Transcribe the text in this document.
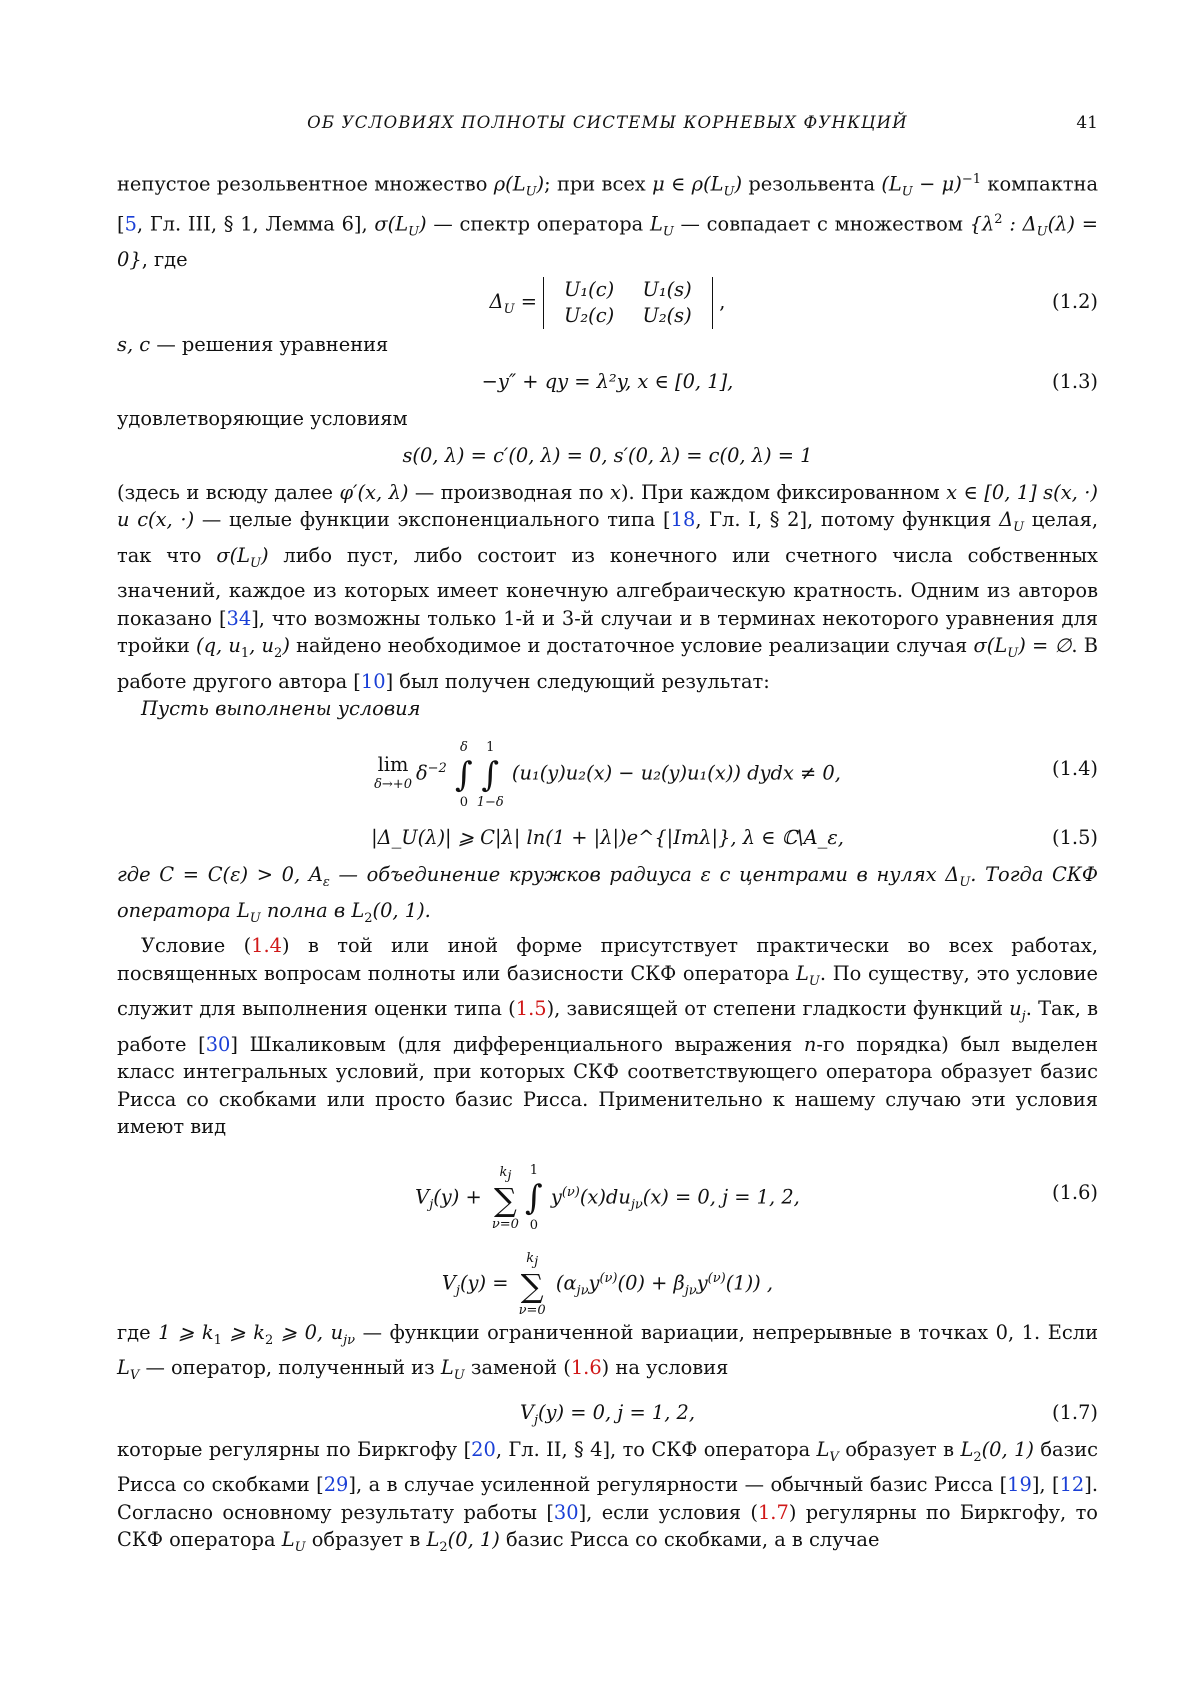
ОБ УСЛОВИЯХ ПОЛНОТЫ СИСТЕМЫ КОРНЕВЫХ ФУНКЦИЙ	41

непустое резольвентное множество $\rho(L_U)$; при всех μ ∈ $\rho(L_U)$ резольвента $(L_U - \mu)^{-1}$ компактна [5, Гл. III, § 1, Лемма 6], $\sigma(L_U)$ — спектр оператора $L_U$ — совпадает с множеством {$\lambda^2$ : $\Delta_U(\lambda) = 0$}, где

$\Delta_U$ =
U₁(c) U₁(s)
U₂(c) U₂(s)
,	(1.2)

s, c — решения уравнения

−y″ + qy = λ²y, x ∈ [0, 1],	(1.3)

удовлетворяющие условиям

s(0, λ) = c′(0, λ) = 0, s′(0, λ) = c(0, λ) = 1

(здесь и всюду далее φ′(x, λ) — производная по x). При каждом фиксированном x ∈ [0, 1] s(x, ·) и c(x, ·) — целые функции экспоненциального типа [18, Гл. I, § 2], потому функция $\Delta_U$ целая, так что $\sigma(L_U)$ либо пуст, либо состоит из конечного или счетного числа собственных значений, каждое из которых имеет конечную алгебраическую кратность. Одним из авторов показано [34], что возможны только 1-й и 3-й случаи и в терминах некоторого уравнения для тройки (q, $u_1$, $u_2$) найдено необходимое и достаточное условие реализации случая $\sigma(L_U)$ = ∅. В работе другого автора [10] был получен следующий результат:

Пусть выполнены условия

lim
δ→+0 $\delta^{-2}$
δ
∫
0
1
∫
1−δ
(u₁(y)u₂(x) − u₂(y)u₁(x)) dydx ≠ 0,	(1.4)
|Δ_U(λ)| ⩾ C|λ| ln(1 + |λ|)e^{|Imλ|}, λ ∈ ℂ\A_ε,	(1.5)

где C = C(ε) > 0, $A_\varepsilon$ — объединение кружков радиуса ε с центрами в нулях $\Delta_U$. Тогда СКФ оператора $L_U$ полна в $L_2(0$, 1).

Условие (1.4) в той или иной форме присутствует практически во всех работах, посвященных вопросам полноты или базисности СКФ оператора $L_U$. По существу, это условие служит для выполнения оценки типа (1.5), зависящей от степени гладкости функций $u_j$. Так, в работе [30] Шкаликовым (для дифференциального выражения n-го порядка) был выделен класс интегральных условий, при которых СКФ соответствующего оператора образует базис Рисса со скобками или просто базис Рисса. Применительно к нашему случаю эти условия имеют вид

$V_j(y)$ +
$k_j$
∑
ν=0
1
∫
0
$y^{(\nu)}(x)du_{j\nu}(x) = 0$, j = 1, 2,	(1.6)
$V_j(y)$ =
$k_j$
∑
ν=0
$(\alpha_{j\nu}y^{(\nu)}(0) + \beta_{j\nu}y^{(\nu)}(1))$ ,

где 1 ⩾ $k_1$ ⩾ $k_2$ ⩾ 0, $u_{j\nu}$ — функции ограниченной вариации, непрерывные в точках 0, 1. Если $L_V$ — оператор, полученный из $L_U$ заменой (1.6) на условия

$V_j(y) = 0$, j = 1, 2,	(1.7)

которые регулярны по Биркгофу [20, Гл. II, § 4], то СКФ оператора $L_V$ образует в $L_2(0$, 1) базис Рисса со скобками [29], а в случае усиленной регулярности — обычный базис Рисса [19], [12]. Согласно основному результату работы [30], если условия (1.7) регулярны по Биркгофу, то СКФ оператора $L_U$ образует в $L_2(0$, 1) базис Рисса со скобками, а в случае
